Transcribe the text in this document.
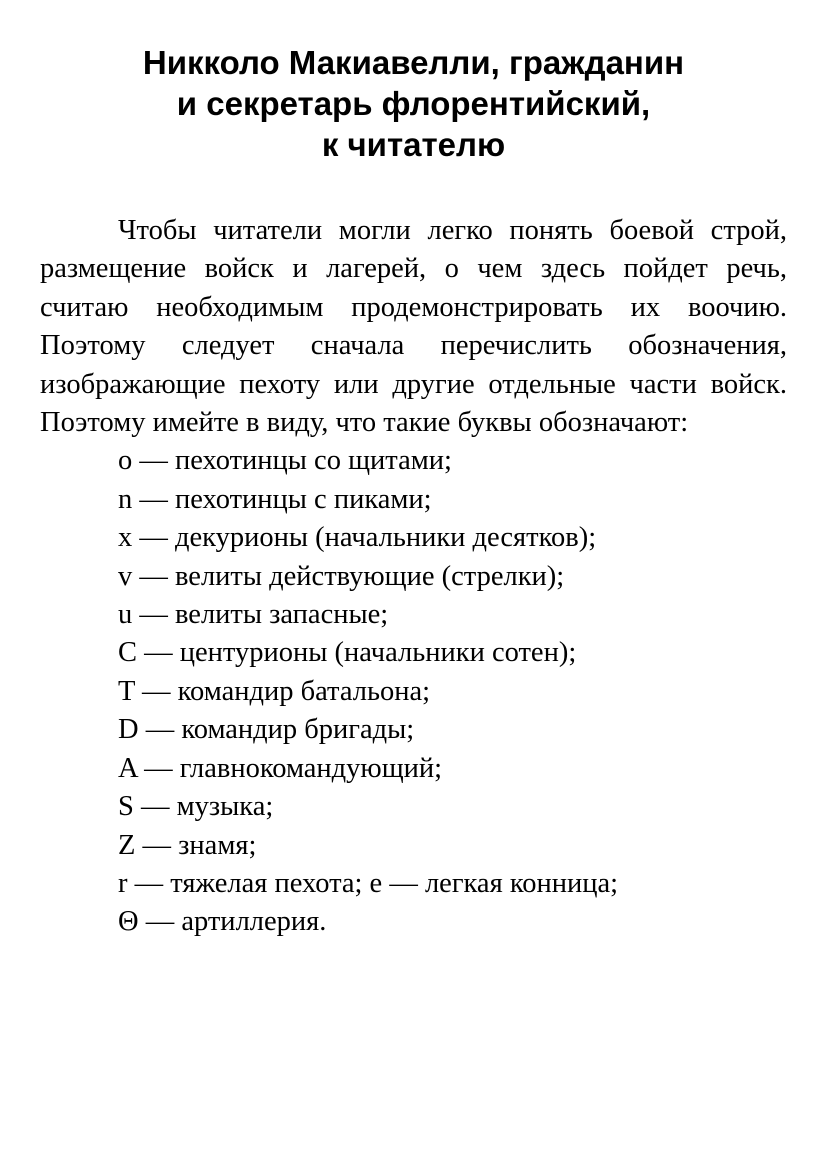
Никколо Макиавелли, гражданин
и секретарь флорентийский,
к читателю

Чтобы читатели могли легко понять боевой строй, размещение войск и лагерей, о чем здесь пойдет речь, считаю необходимым продемонстрировать их воочию. Поэтому следует сначала перечислить обозначения, изображающие пехоту или другие отдельные части войск. Поэтому имейте в виду, что такие буквы обозначают:

o — пехотинцы со щитами;
n — пехотинцы с пиками;
x — декурионы (начальники десятков);
v — велиты действующие (стрелки);
u — велиты запасные;
C — центурионы (начальники сотен);
T — командир батальона;
D — командир бригады;
A — главнокомандующий;
S — музыка;
Z — знамя;
r — тяжелая пехота; e — легкая конница;
Θ — артиллерия.
